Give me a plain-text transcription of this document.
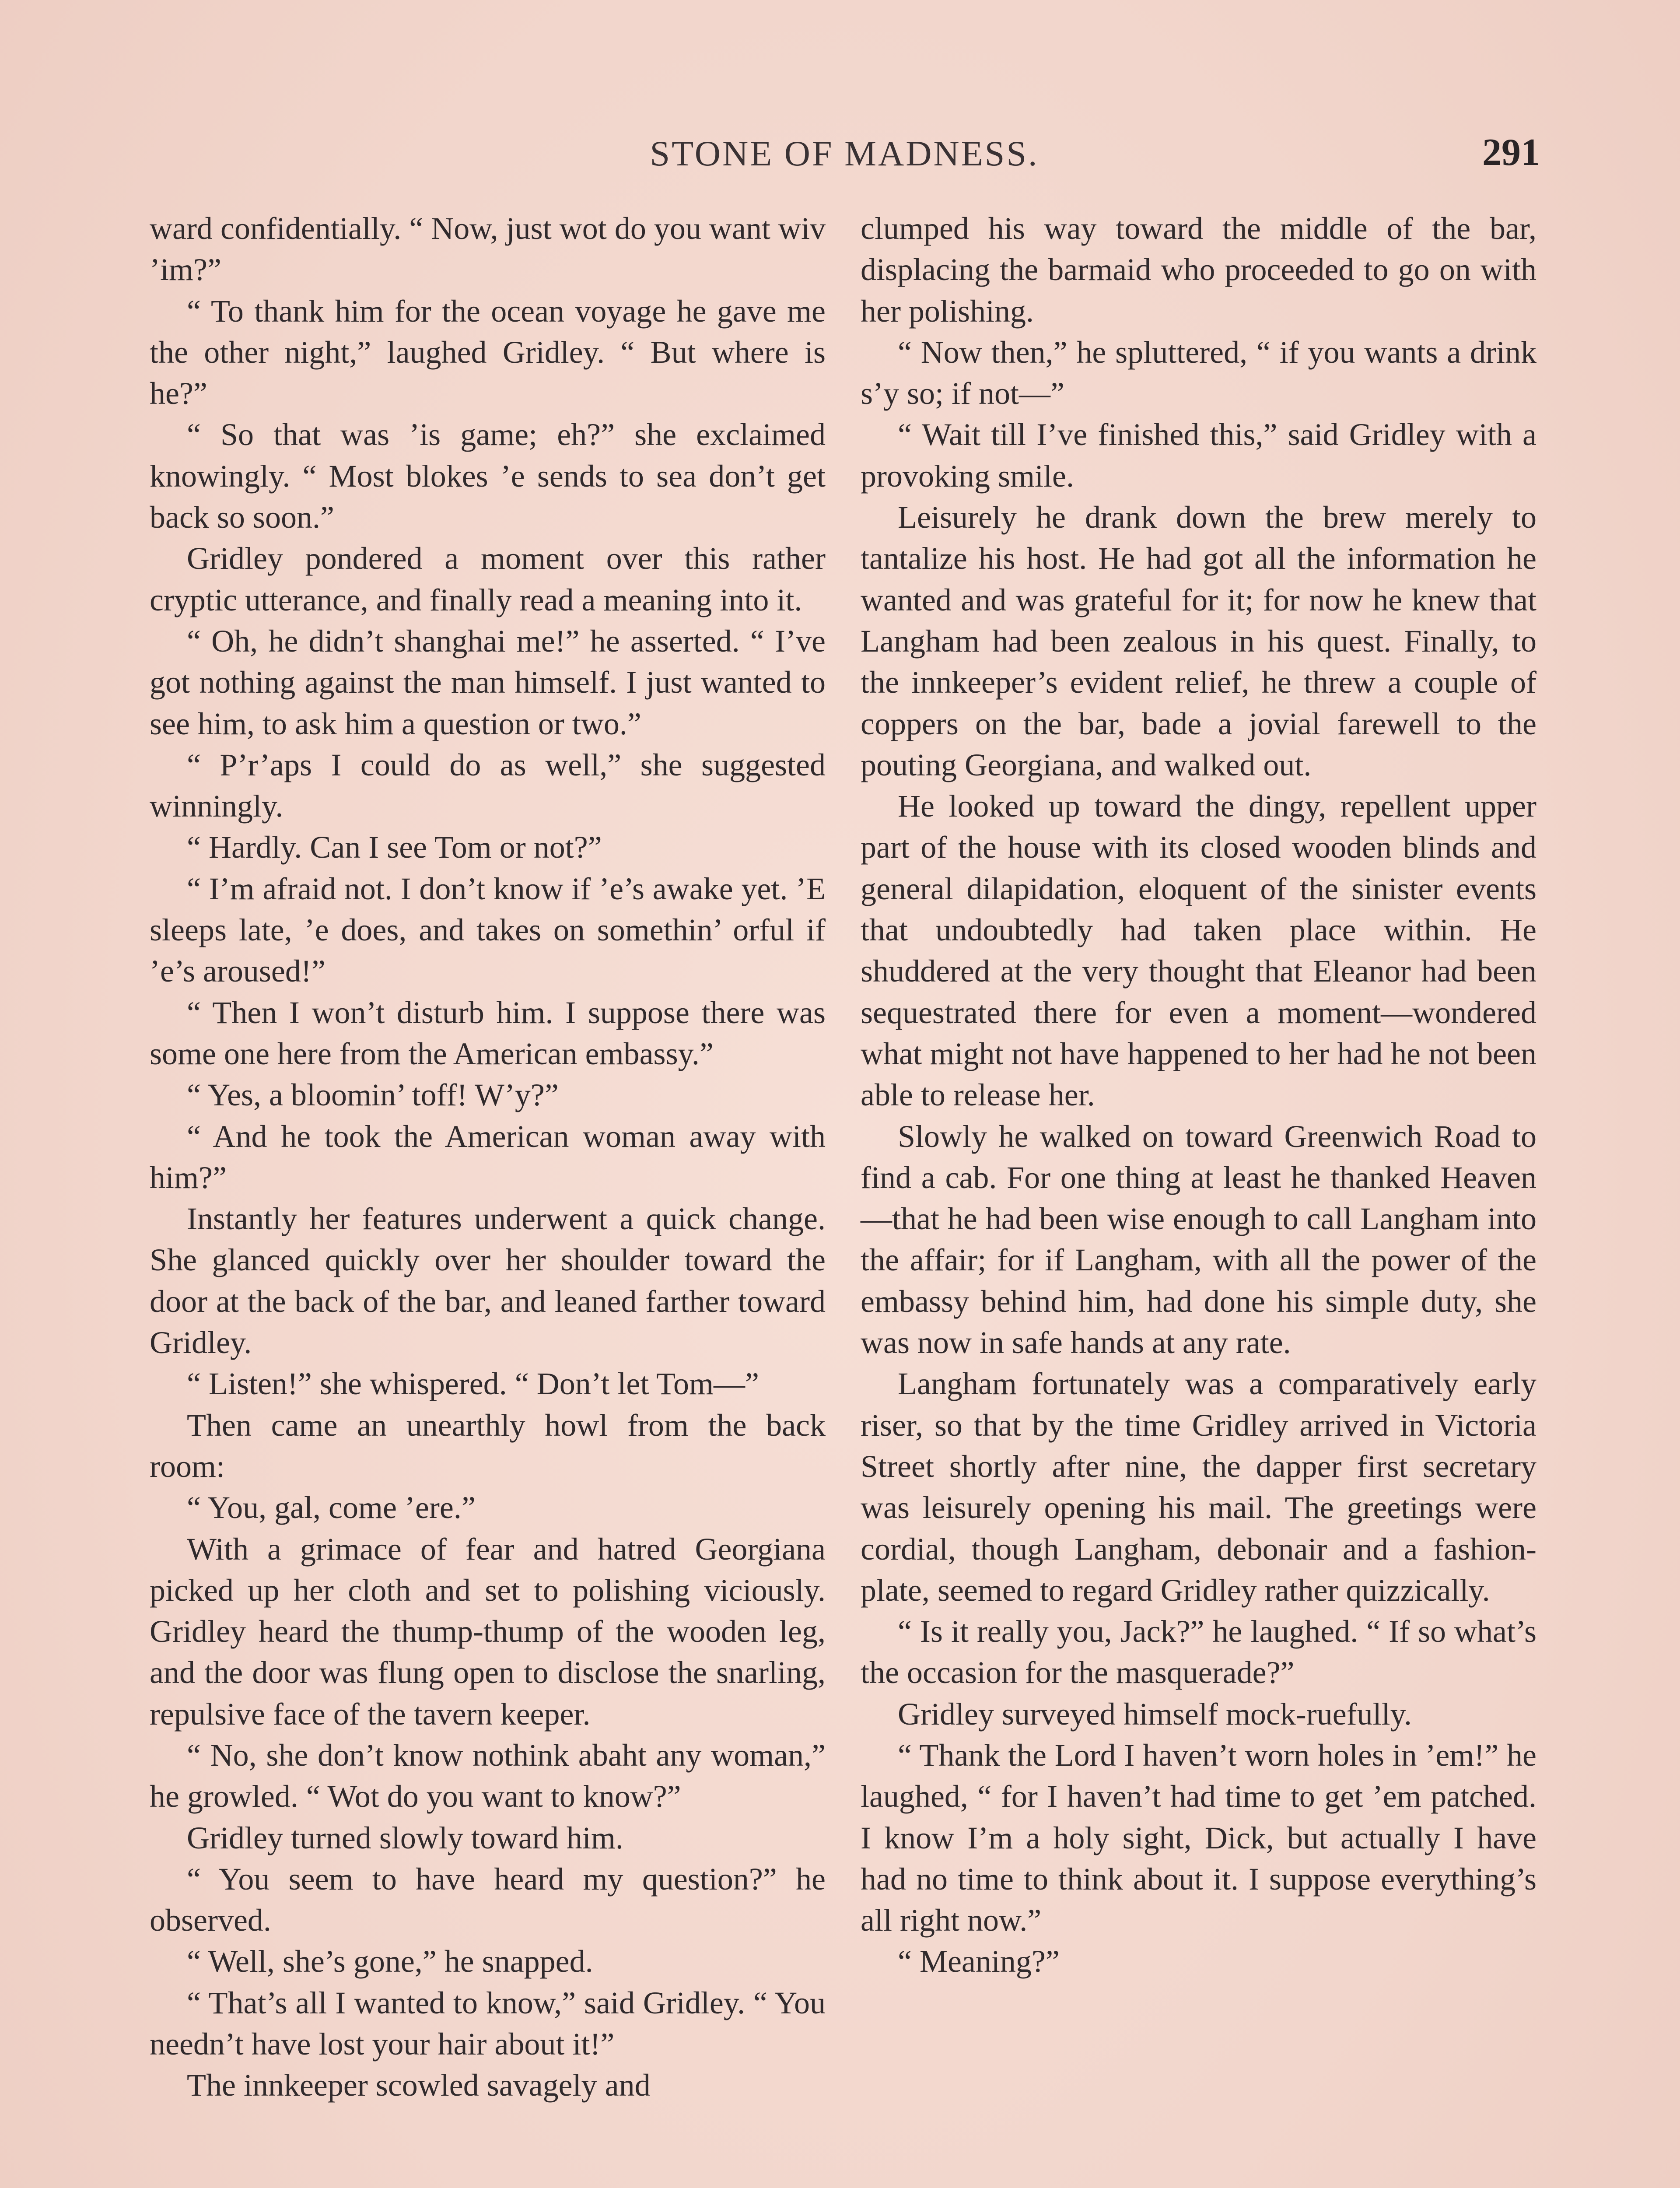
STONE OF MADNESS.	291

ward confidentially. “ Now, just wot do you want wiv ’im?”

“ To thank him for the ocean voyage he gave me the other night,” laughed Gridley. “ But where is he?”

“ So that was ’is game; eh?” she exclaimed knowingly. “ Most blokes ’e sends to sea don’t get back so soon.”

Gridley pondered a moment over this rather cryptic utterance, and finally read a meaning into it.

“ Oh, he didn’t shanghai me!” he asserted. “ I’ve got nothing against the man himself. I just wanted to see him, to ask him a question or two.”

“ P’r’aps I could do as well,” she suggested winningly.

“ Hardly. Can I see Tom or not?”

“ I’m afraid not. I don’t know if ’e’s awake yet. ’E sleeps late, ’e does, and takes on somethin’ orful if ’e’s aroused!”

“ Then I won’t disturb him. I suppose there was some one here from the American embassy.”

“ Yes, a bloomin’ toff! W’y?”

“ And he took the American woman away with him?”

Instantly her features underwent a quick change. She glanced quickly over her shoulder toward the door at the back of the bar, and leaned farther toward Gridley.

“ Listen!” she whispered. “ Don’t let Tom—”

Then came an unearthly howl from the back room:

“ You, gal, come ’ere.”

With a grimace of fear and hatred Georgiana picked up her cloth and set to polishing viciously. Gridley heard the thump-thump of the wooden leg, and the door was flung open to disclose the snarling, repulsive face of the tavern keeper.

“ No, she don’t know nothink abaht any woman,” he growled. “ Wot do you want to know?”

Gridley turned slowly toward him.

“ You seem to have heard my question?” he observed.

“ Well, she’s gone,” he snapped.

“ That’s all I wanted to know,” said Gridley. “ You needn’t have lost your hair about it!”

The innkeeper scowled savagely and

clumped his way toward the middle of the bar, displacing the barmaid who proceeded to go on with her polishing.

“ Now then,” he spluttered, “ if you wants a drink s’y so; if not—”

“ Wait till I’ve finished this,” said Gridley with a provoking smile.

Leisurely he drank down the brew merely to tantalize his host. He had got all the information he wanted and was grateful for it; for now he knew that Langham had been zealous in his quest. Finally, to the innkeeper’s evident relief, he threw a couple of coppers on the bar, bade a jovial farewell to the pouting Georgiana, and walked out.

He looked up toward the dingy, repellent upper part of the house with its closed wooden blinds and general dilapidation, eloquent of the sinister events that undoubtedly had taken place within. He shuddered at the very thought that Eleanor had been sequestrated there for even a moment—wondered what might not have happened to her had he not been able to release her.

Slowly he walked on toward Greenwich Road to find a cab. For one thing at least he thanked Heaven—that he had been wise enough to call Langham into the affair; for if Langham, with all the power of the embassy behind him, had done his simple duty, she was now in safe hands at any rate.

Langham fortunately was a comparatively early riser, so that by the time Gridley arrived in Victoria Street shortly after nine, the dapper first secretary was leisurely opening his mail. The greetings were cordial, though Langham, debonair and a fashion-plate, seemed to regard Gridley rather quizzically.

“ Is it really you, Jack?” he laughed. “ If so what’s the occasion for the masquerade?”

Gridley surveyed himself mock-ruefully.

“ Thank the Lord I haven’t worn holes in ’em!” he laughed, “ for I haven’t had time to get ’em patched. I know I’m a holy sight, Dick, but actually I have had no time to think about it. I suppose everything’s all right now.”

“ Meaning?”
